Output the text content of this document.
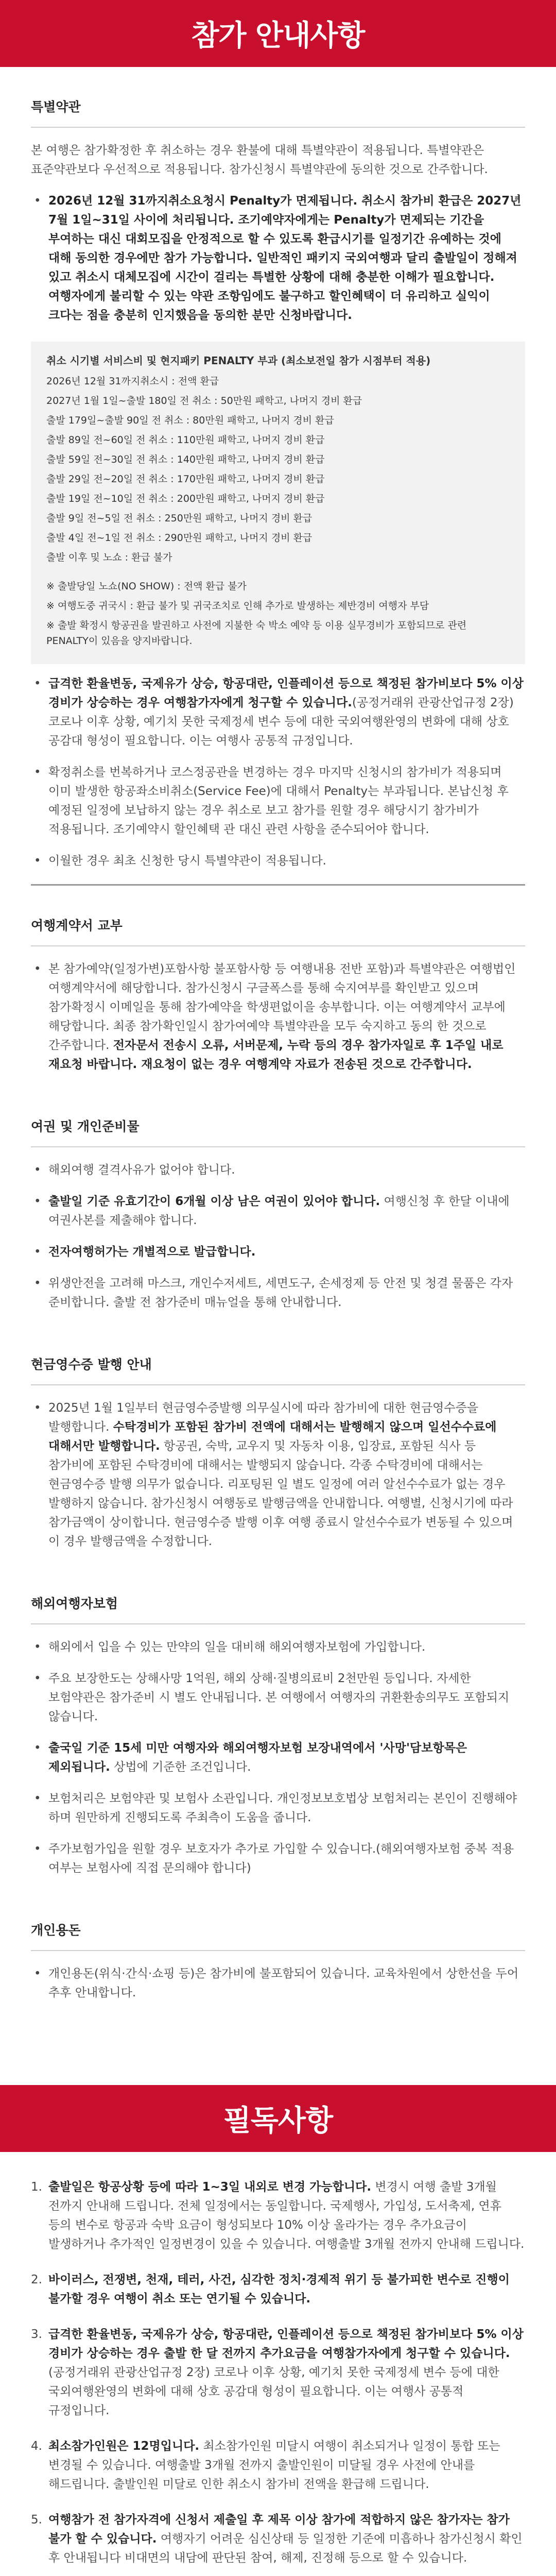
참가 안내사항
특별약관

본 여행은 참가확정한 후 취소하는 경우 환불에 대해 특별약관이 적용됩니다. 특별약관은 표준약관보다 우선적으로 적용됩니다. 참가신청시 특별약관에 동의한 것으로 간주합니다.

• 2026년 12월 31까지취소요청시 Penalty가 면제됩니다. 취소시 참가비 환급은 2027년 7월 1일~31일 사이에 처리됩니다. 조기예약자에게는 Penalty가 면제되는 기간을 부여하는 대신 대회모집을 안정적으로 할 수 있도록 환급시기를 일정기간 유예하는 것에 대해 동의한 경우에만 참가 가능합니다. 일반적인 패키지 국외여행과 달리 출발일이 정해져 있고 취소시 대체모집에 시간이 걸리는 특별한 상황에 대해 충분한 이해가 필요합니다. 여행자에게 불리할 수 있는 약관 조항임에도 불구하고 할인혜택이 더 유리하고 실익이 크다는 점을 충분히 인지했음을 동의한 분만 신청바랍니다.

취소 시기별 서비스비 및 현지패키 PENALTY 부과 (최소보전일 참가 시점부터 적용)

2026년 12월 31까지취소시 : 전액 환급

2027년 1월 1일~출발 180일 전 취소 : 50만원 패학고, 나머지 경비 환급

출발 179일~출발 90일 전 취소 : 80만원 패학고, 나머지 경비 환급

출발 89일 전~60일 전 취소 : 110만원 패학고, 나머지 경비 환급

출발 59일 전~30일 전 취소 : 140만원 패학고, 나머지 경비 환급

출발 29일 전~20일 전 취소 : 170만원 패학고, 나머지 경비 환급

출발 19일 전~10일 전 취소 : 200만원 패학고, 나머지 경비 환급

출발 9일 전~5일 전 취소 : 250만원 패학고, 나머지 경비 환급

출발 4일 전~1일 전 취소 : 290만원 패학고, 나머지 경비 환급

출발 이후 및 노쇼 : 환급 불가

※ 출발당일 노쇼(NO SHOW) : 전액 환급 불가

※ 여행도중 귀국시 : 환급 불가 및 귀국조치로 인해 추가로 발생하는 제반경비 여행자 부담

※ 출발 확정시 항공권을 발권하고 사전에 지불한 숙 박소 예약 등 이용 실무경비가 포함되므로 관련 PENALTY이 있음을 양지바랍니다.

• 급격한 환율변동, 국제유가 상승, 항공대란, 인플레이션 등으로 책정된 참가비보다 5% 이상 경비가 상승하는 경우 여행참가자에게 청구할 수 있습니다.(공정거래위 관광산업규정 2장) 코로나 이후 상황, 예기치 못한 국제정세 변수 등에 대한 국외여행완영의 변화에 대해 상호 공감대 형성이 필요합니다. 이는 여행사 공통적 규정입니다.
• 확정취소를 번복하거나 코스정공관을 변경하는 경우 마지막 신청시의 참가비가 적용되며 이미 발생한 항공좌소비취소(Service Fee)에 대해서 Penalty는 부과됩니다. 본납신청 후 예정된 일정에 보납하지 않는 경우 취소로 보고 참가를 원할 경우 해당시기 참가비가 적용됩니다. 조기예약시 할인혜택 관 대신 관련 사항을 준수되어야 합니다.
• 이월한 경우 최초 신청한 당시 특별약관이 적용됩니다.
여행계약서 교부
• 본 참가예약(일정가변)포함사항 불포함사항 등 여행내용 전반 포함)과 특별약관은 여행법인 여행계약서에 해당합니다. 참가신청시 구글폭스를 통해 숙지여부를 확인받고 있으며 참가확정시 이메일을 통해 참가예약을 학생편없이을 송부합니다. 이는 여행계약서 교부에 해당합니다. 최종 참가확인일시 참가여예약 특별약관을 모두 숙지하고 동의 한 것으로 간주합니다. 전자문서 전송시 오류, 서버문제, 누락 등의 경우 참가자일로 후 1주일 내로 재요청 바랍니다. 재요청이 없는 경우 여행계약 자료가 전송된 것으로 간주합니다.
여권 및 개인준비물
• 해외여행 결격사유가 없어야 합니다.
• 출발일 기준 유효기간이 6개월 이상 남은 여권이 있어야 합니다. 여행신청 후 한달 이내에 여권사본를 제출해야 합니다.
• 전자여행허가는 개별적으로 발급합니다.
• 위생안전을 고려해 마스크, 개인수저세트, 세면도구, 손세정제 등 안전 및 청결 물품은 각자 준비합니다. 출발 전 참가준비 매뉴얼을 통해 안내합니다.
현금영수증 발행 안내
• 2025년 1월 1일부터 현금영수증발행 의무실시에 따라 참가비에 대한 현금영수증을 발행합니다. 수탁경비가 포함된 참가비 전액에 대해서는 발행해지 않으며 일선수수료에 대해서만 발행합니다. 항공권, 숙박, 교우지 및 자동차 이용, 입장료, 포함된 식사 등 참가비에 포함된 수탁경비에 대해서는 발행되지 않습니다. 각종 수탁경비에 대해서는 현금영수증 발행 의무가 없습니다. 리포팅된 일 별도 일정에 여러 알선수수료가 없는 경우 발행하지 않습니다. 참가신청시 여행동로 발행금액을 안내합니다. 여행별, 신청시기에 따라 참가금액이 상이합니다. 현금영수증 발행 이후 여행 종료시 알선수수료가 변동될 수 있으며 이 경우 발행금액을 수정합니다.
해외여행자보험
• 해외에서 입을 수 있는 만약의 일을 대비해 해외여행자보험에 가입합니다.
• 주요 보장한도는 상해사망 1억원, 해외 상해·질병의료비 2천만원 등입니다. 자세한 보험약관은 참가준비 시 별도 안내됩니다. 본 여행에서 여행자의 귀환환송의무도 포함되지 않습니다.
• 출국일 기준 15세 미만 여행자와 해외여행자보험 보장내역에서 '사망'담보항목은 제외됩니다. 상법에 기준한 조건입니다.
• 보험처리은 보험약관 및 보험사 소관입니다. 개인정보보호법상 보험처리는 본인이 진행해야 하며 원만하게 진행되도록 주최측이 도움을 줍니다.
• 주가보험가입을 원할 경우 보호자가 추가로 가입할 수 있습니다.(해외여행자보험 중복 적용 여부는 보험사에 직접 문의해야 합니다)
개인용돈
• 개인용돈(위식·간식·쇼핑 등)은 참가비에 불포함되어 있습니다. 교육차원에서 상한선을 두어 추후 안내합니다.
필독사항
1. 출발일은 항공상황 등에 따라 1~3일 내외로 변경 가능합니다. 변경시 여행 출발 3개월 전까지 안내해 드립니다. 전체 일정에서는 동일합니다. 국제행사, 가입성, 도서축제, 연휴 등의 변수로 항공과 숙박 요금이 형성되보다 10% 이상 올라가는 경우 추가요금이 발생하거나 추가적인 일정변경이 있을 수 있습니다. 여행출발 3개월 전까지 안내해 드립니다.
2. 바이러스, 전쟁변, 천재, 테러, 사건, 심각한 정치·경제적 위기 등 불가피한 변수로 진행이 불가할 경우 여행이 취소 또는 연기될 수 있습니다.
3. 급격한 환율변동, 국제유가 상승, 항공대란, 인플레이션 등으로 책정된 참가비보다 5% 이상 경비가 상승하는 경우 출발 한 달 전까지 추가요금을 여행참가자에게 청구할 수 있습니다. (공정거래위 관광산업규정 2장) 코로나 이후 상황, 예기치 못한 국제정세 변수 등에 대한 국외여행완영의 변화에 대해 상호 공감대 형성이 필요합니다. 이는 여행사 공통적 규정입니다.
4. 최소참가인원은 12명입니다. 최소참가인원 미달시 여행이 취소되거나 일정이 통합 또는 변경될 수 있습니다. 여행출발 3개월 전까지 출발인원이 미달될 경우 사전에 안내를 해드립니다. 출발인원 미달로 인한 취소시 참가비 전액을 환급해 드립니다.
5. 여행참가 전 참가자격에 신청서 제출일 후 제목 이상 참가에 적합하지 않은 참가자는 참가 불가 할 수 있습니다. 여행자기 어려운 심신상태 등 일정한 기준에 미흡하나 참가신청시 확인 후 안내됩니다 비대면의 내담에 판단된 참여, 해제, 진정해 등으로 할 수 있습니다.
